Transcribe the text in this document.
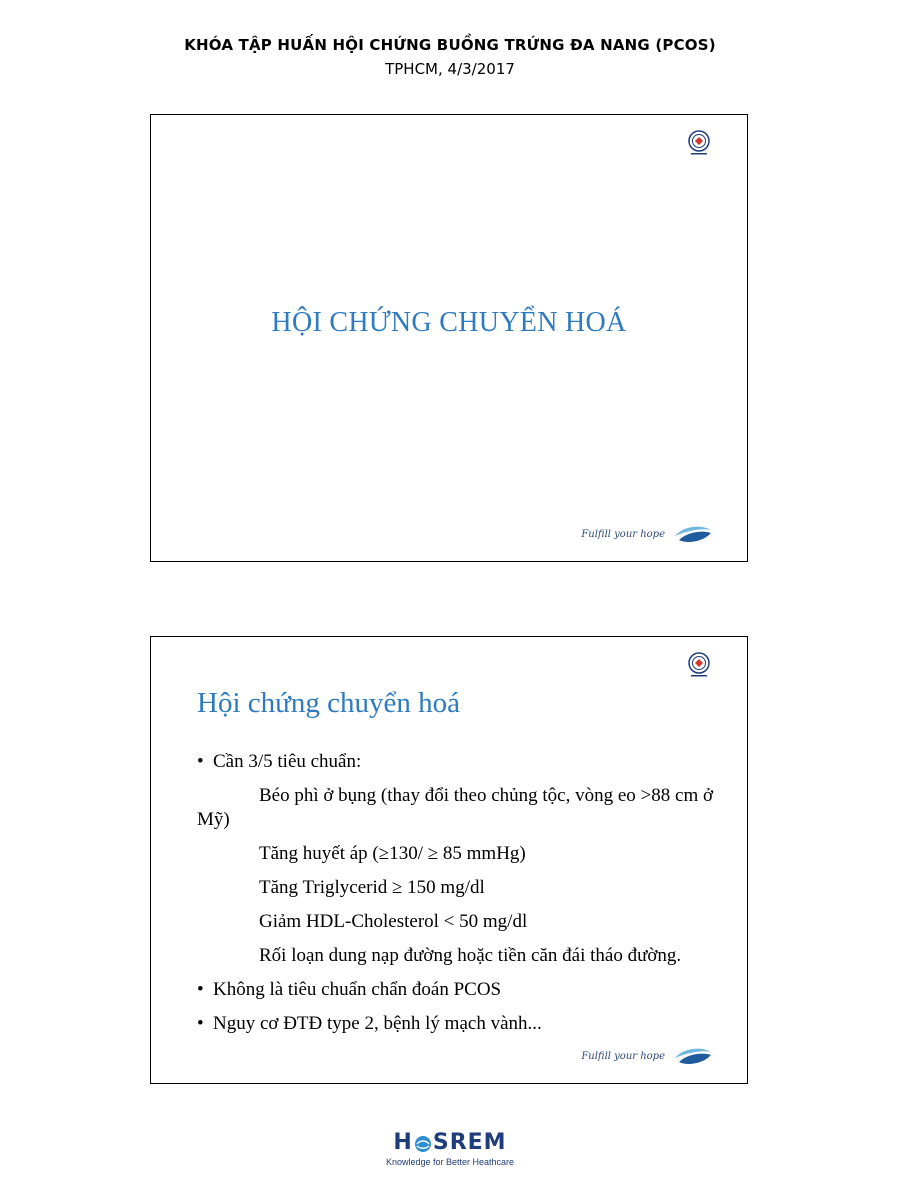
KHÓA TẬP HUẤN HỘI CHỨNG BUỒNG TRỨNG ĐA NANG (PCOS)
TPHCM, 4/3/2017
HỘI CHỨNG CHUYỂN HOÁ
Fulfill your hope
Hội chứng chuyển hoá
• Cần 3/5 tiêu chuẩn:
Béo phì ở bụng (thay đổi theo chủng tộc, vòng eo >88 cm ở Mỹ)
Tăng huyết áp (≥130/ ≥ 85 mmHg)
Tăng Triglycerid ≥ 150 mg/dl
Giảm HDL-Cholesterol < 50 mg/dl
Rối loạn dung nạp đường hoặc tiền căn đái tháo đường.
• Không là tiêu chuẩn chẩn đoán PCOS
• Nguy cơ ĐTĐ type 2, bệnh lý mạch vành...
Fulfill your hope
H SREM
Knowledge for Better Heathcare
